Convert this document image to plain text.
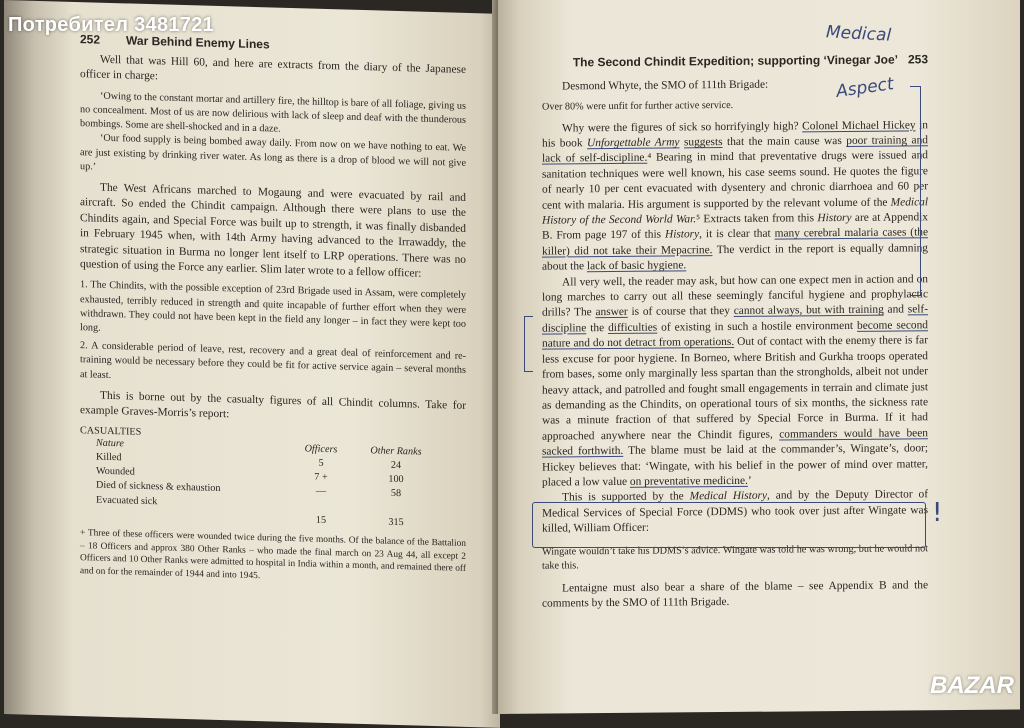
Потребител 3481721
BAZAR
252 War Behind Enemy Lines

Well that was Hill 60, and here are extracts from the diary of the Japanese officer in charge:

‘Owing to the constant mortar and artillery fire, the hilltop is bare of all foliage, giving us no concealment. Most of us are now delirious with lack of sleep and deaf with the thunderous bombings. Some are shell-shocked and in a daze.

‘Our food supply is being bombed away daily. From now on we have nothing to eat. We are just existing by drinking river water. As long as there is a drop of blood we will not give up.’

The West Africans marched to Mogaung and were evacuated by rail and aircraft. So ended the Chindit campaign. Although there were plans to use the Chindits again, and Special Force was built up to strength, it was finally disbanded in February 1945 when, with 14th Army having advanced to the Irrawaddy, the strategic situation in Burma no longer lent itself to LRP operations. There was no question of using the Force any earlier. Slim later wrote to a fellow officer:

1. The Chindits, with the possible exception of 23rd Brigade used in Assam, were completely exhausted, terribly reduced in strength and quite incapable of further effort when they were withdrawn. They could not have been kept in the field any longer – in fact they were kept too long.

2. A considerable period of leave, rest, recovery and a great deal of reinforcement and re-training would be necessary before they could be fit for active service again – several months at least.

This is borne out by the casualty figures of all Chindit columns. Take for example Graves-Morris’s report:

CASUALTIES
Nature	Officers	Other Ranks
Killed	5	24
Wounded	7 +	100
Died of sickness & exhaustion	—	58
Evacuated sick		
	15	315

+ Three of these officers were wounded twice during the five months. Of the balance of the Battalion – 18 Officers and approx 380 Other Ranks – who made the final march on 23 Aug 44, all except 2 Officers and 10 Other Ranks were admitted to hospital in India within a month, and remained there off and on for the remainder of 1944 and into 1945.

The Second Chindit Expedition; supporting ‘Vinegar Joe’ 253

Desmond Whyte, the SMO of 111th Brigade:

Over 80% were unfit for further active service.

Why were the figures of sick so horrifyingly high? Colonel Michael Hickey in his book Unforgettable Army suggests that the main cause was poor training and lack of self-discipline.⁴ Bearing in mind that preventative drugs were issued and sanitation techniques were well known, his case seems sound. He quotes the figure of nearly 10 per cent evacuated with dysentery and chronic diarrhoea and 60 per cent with malaria. His argument is supported by the relevant volume of the Medical History of the Second World War.⁵ Extracts taken from this History are at Appendix B. From page 197 of this History, it is clear that many cerebral malaria cases (the killer) did not take their Mepacrine. The verdict in the report is equally damning about the lack of basic hygiene.

All very well, the reader may ask, but how can one expect men in action and on long marches to carry out all these seemingly fanciful hygiene and prophylactic drills? The answer is of course that they cannot always, but with training and self-discipline the difficulties of existing in such a hostile environment become second nature and do not detract from operations. Out of contact with the enemy there is far less excuse for poor hygiene. In Borneo, where British and Gurkha troops operated from bases, some only marginally less spartan than the strongholds, albeit not under heavy attack, and patrolled and fought small engagements in terrain and climate just as demanding as the Chindits, on operational tours of six months, the sickness rate was a minute fraction of that suffered by Special Force in Burma. If it had approached anywhere near the Chindit figures, commanders would have been sacked forthwith. The blame must be laid at the commander’s, Wingate’s, door; Hickey believes that: ‘Wingate, with his belief in the power of mind over matter, placed a low value on preventative medicine.’

This is supported by the Medical History, and by the Deputy Director of Medical Services of Special Force (DDMS) who took over just after Wingate was killed, William Officer:

Wingate wouldn’t take his DDMS’s advice. Wingate was told he was wrong, but he would not take this.

Lentaigne must also bear a share of the blame – see Appendix B and the comments by the SMO of 111th Brigade.

Medical
Aspect
!
